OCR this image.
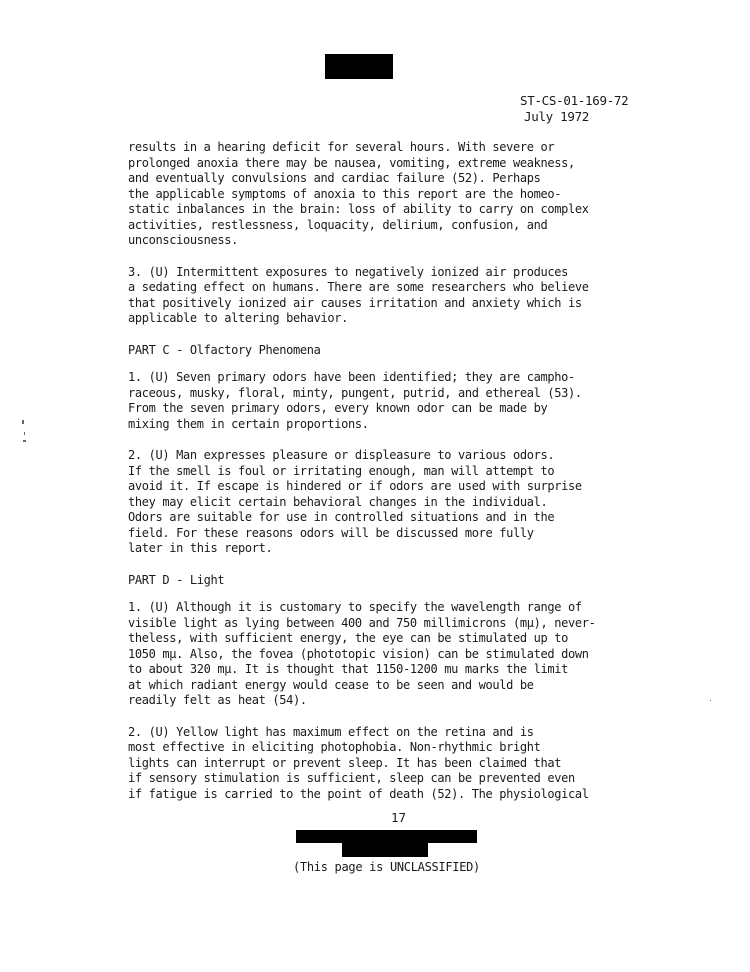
ST-CS-01-169-72
July 1972

results in a hearing deficit for several hours. With severe or
prolonged anoxia there may be nausea, vomiting, extreme weakness,
and eventually convulsions and cardiac failure (52). Perhaps
the applicable symptoms of anoxia to this report are the homeo-
static inbalances in the brain: loss of ability to carry on complex
activities, restlessness, loquacity, delirium, confusion, and
unconsciousness.

3. (U) Intermittent exposures to negatively ionized air produces
a sedating effect on humans. There are some researchers who believe
that positively ionized air causes irritation and anxiety which is
applicable to altering behavior.

PART C - Olfactory Phenomena

1. (U) Seven primary odors have been identified; they are campho-
raceous, musky, floral, minty, pungent, putrid, and ethereal (53).
From the seven primary odors, every known odor can be made by
mixing them in certain proportions.

2. (U) Man expresses pleasure or displeasure to various odors.
If the smell is foul or irritating enough, man will attempt to
avoid it. If escape is hindered or if odors are used with surprise
they may elicit certain behavioral changes in the individual.
Odors are suitable for use in controlled situations and in the
field. For these reasons odors will be discussed more fully
later in this report.

PART D - Light

1. (U) Although it is customary to specify the wavelength range of
visible light as lying between 400 and 750 millimicrons (mμ), never-
theless, with sufficient energy, the eye can be stimulated up to
1050 mμ. Also, the fovea (phototopic vision) can be stimulated down
to about 320 mμ. It is thought that 1150-1200 mu marks the limit
at which radiant energy would cease to be seen and would be
readily felt as heat (54).

2. (U) Yellow light has maximum effect on the retina and is
most effective in eliciting photophobia. Non-rhythmic bright
lights can interrupt or prevent sleep. It has been claimed that
if sensory stimulation is sufficient, sleep can be prevented even
if fatigue is carried to the point of death (52). The physiological

17
(This page is UNCLASSIFIED)
